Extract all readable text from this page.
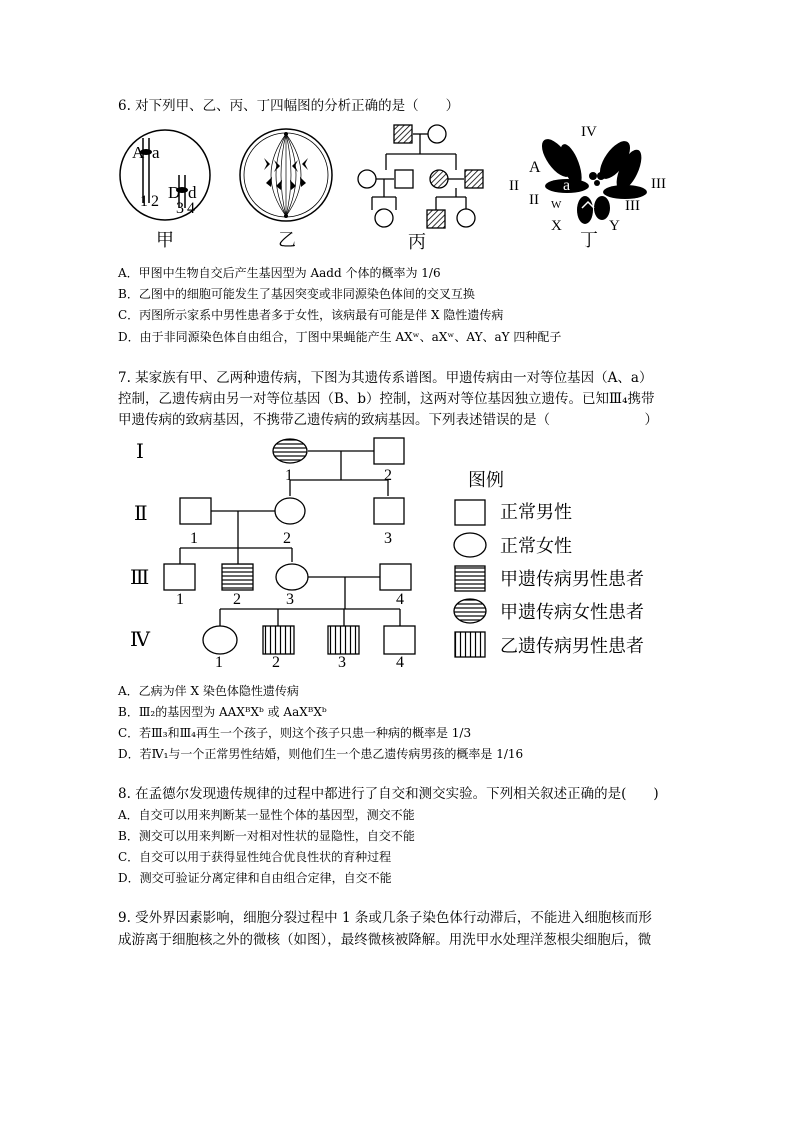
6. 对下列甲、乙、丙、丁四幅图的分析正确的是（　　）
A a
D d
1 2 3 4
甲	乙	丙
IV
A
a
II
II
III
III
W
X	Y
丁
A．甲图中生物自交后产生基因型为 Aadd 个体的概率为 1/6
B．乙图中的细胞可能发生了基因突变或非同源染色体间的交叉互换
C．丙图所示家系中男性患者多于女性，该病最有可能是伴 X 隐性遗传病
D．由于非同源染色体自由组合，丁图中果蝇能产生 AXʷ、aXʷ、AY、aY 四种配子
7. 某家族有甲、乙两种遗传病，下图为其遗传系谱图。甲遗传病由一对等位基因（A、a）
控制，乙遗传病由另一对等位基因（B、b）控制，这两对等位基因独立遗传。已知Ⅲ₄携带
甲遗传病的致病基因，不携带乙遗传病的致病基因。下列表述错误的是（　　　　　　　）
Ⅰ
Ⅱ
Ⅲ
Ⅳ
1	2
1	2	3
1	2	3	4
1	2	3	4
图例
正常男性
正常女性
甲遗传病男性患者
甲遗传病女性患者
乙遗传病男性患者
A．乙病为伴 X 染色体隐性遗传病
B．Ⅲ₂的基因型为 AAXᴮXᵇ 或 AaXᴮXᵇ
C．若Ⅲ₃和Ⅲ₄再生一个孩子，则这个孩子只患一种病的概率是 1/3
D．若Ⅳ₁与一个正常男性结婚，则他们生一个患乙遗传病男孩的概率是 1/16
8. 在孟德尔发现遗传规律的过程中都进行了自交和测交实验。下列相关叙述正确的是(　　)
A．自交可以用来判断某一显性个体的基因型，测交不能
B．测交可以用来判断一对相对性状的显隐性，自交不能
C．自交可以用于获得显性纯合优良性状的育种过程
D．测交可验证分离定律和自由组合定律，自交不能
9. 受外界因素影响，细胞分裂过程中 1 条或几条子染色体行动滞后，不能进入细胞核而形
成游离于细胞核之外的微核（如图），最终微核被降解。用洗甲水处理洋葱根尖细胞后，微
